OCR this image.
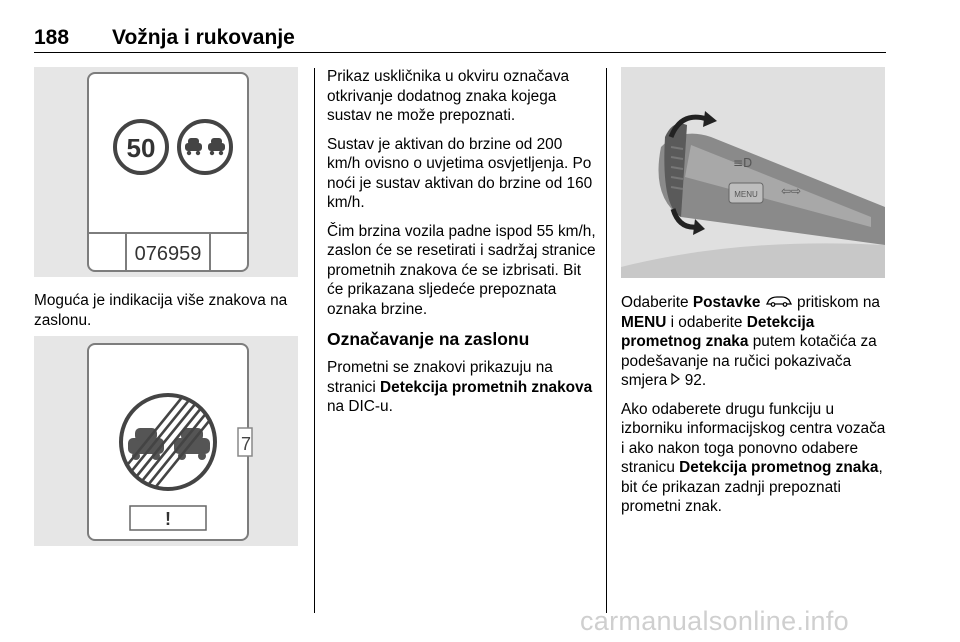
188 Vožnja i rukovanje
50
076959

Moguća je indikacija više znakova na zaslonu.

7
!

Prikaz uskličnika u okviru označava otkrivanje dodatnog znaka kojega sustav ne može prepoznati.

Sustav je aktivan do brzine od 200 km/h ovisno o uvjetima osvjetljenja. Po noći je sustav aktivan do brzine od 160 km/h.

Čim brzina vozila padne ispod 55 km/h, zaslon će se resetirati i sadržaj stranice prometnih znakova će se izbrisati. Bit će prikazana sljedeće prepoznata oznaka brzine.

Označavanje na zaslonu

Prometni se znakovi prikazuju na stranici Detekcija prometnih znakova na DIC-u.

MENU ⇦⇨
≡D

Odaberite Postavke  pritiskom na MENU i odaberite Detekcija prometnog znaka putem kotačića za podešavanje na ručici pokazivača smjera  92.

Ako odaberete drugu funkciju u izborniku informacijskog centra vozača i ako nakon toga ponovno odabere stranicu Detekcija prometnog znaka, bit će prikazan zadnji prepoznati prometni znak.

carmanualsonline.info
